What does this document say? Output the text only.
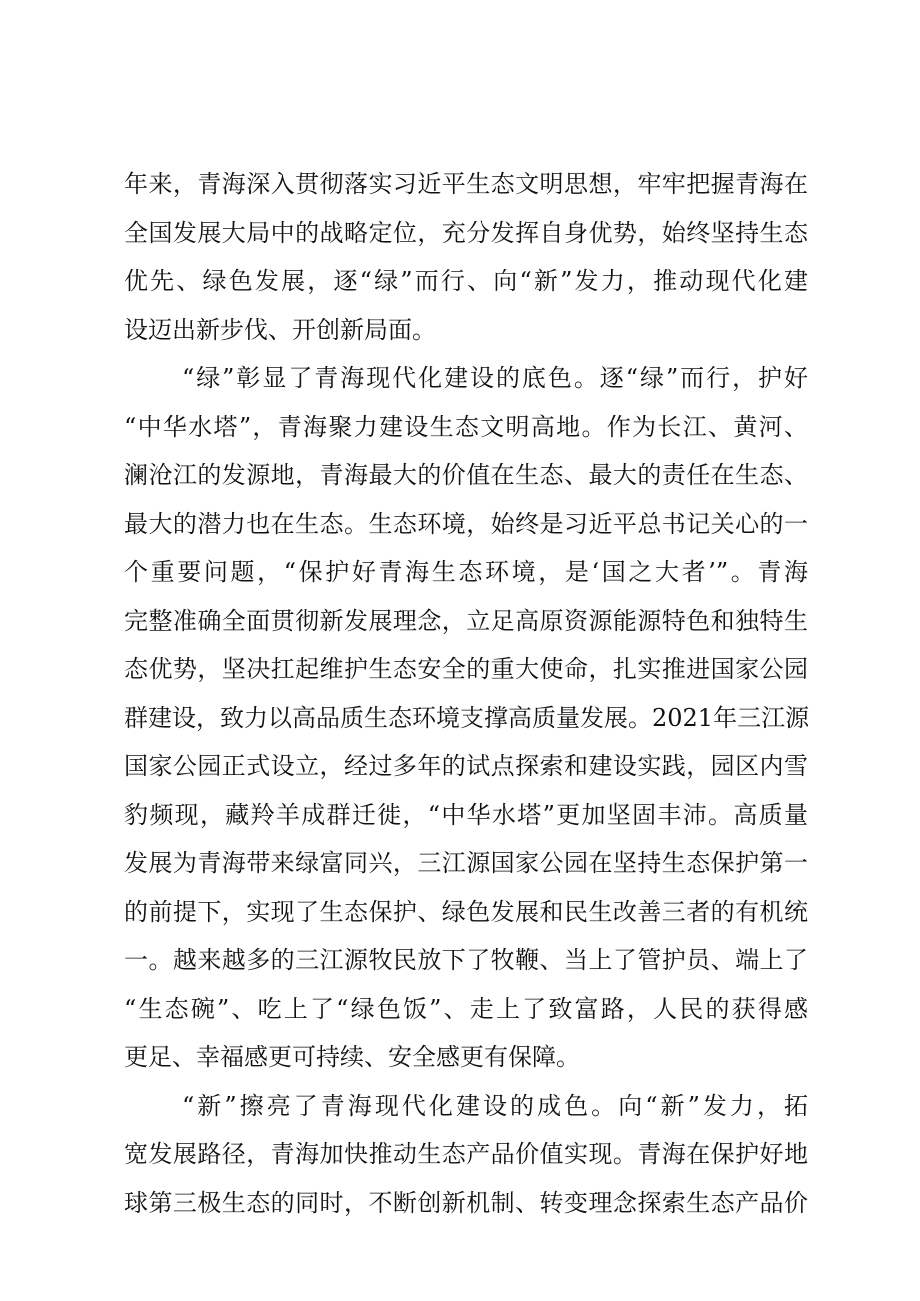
年来，青海深入贯彻落实习近平生态文明思想，牢牢把握青海在
全国发展大局中的战略定位，充分发挥自身优势，始终坚持生态
优先、绿色发展，逐“绿”而行、向“新”发力，推动现代化建
设迈出新步伐、开创新局面。
“绿”彰显了青海现代化建设的底色。逐“绿”而行，护好
“中华水塔”，青海聚力建设生态文明高地。作为长江、黄河、
澜沧江的发源地，青海最大的价值在生态、最大的责任在生态、
最大的潜力也在生态。生态环境，始终是习近平总书记关心的一
个重要问题，“保护好青海生态环境，是‘国之大者’”。青海
完整准确全面贯彻新发展理念，立足高原资源能源特色和独特生
态优势，坚决扛起维护生态安全的重大使命，扎实推进国家公园
群建设，致力以高品质生态环境支撑高质量发展。2021年三江源
国家公园正式设立，经过多年的试点探索和建设实践，园区内雪
豹频现，藏羚羊成群迁徙，“中华水塔”更加坚固丰沛。高质量
发展为青海带来绿富同兴，三江源国家公园在坚持生态保护第一
的前提下，实现了生态保护、绿色发展和民生改善三者的有机统
一。越来越多的三江源牧民放下了牧鞭、当上了管护员、端上了
“生态碗”、吃上了“绿色饭”、走上了致富路，人民的获得感
更足、幸福感更可持续、安全感更有保障。
“新”擦亮了青海现代化建设的成色。向“新”发力，拓
宽发展路径，青海加快推动生态产品价值实现。青海在保护好地
球第三极生态的同时，不断创新机制、转变理念探索生态产品价
